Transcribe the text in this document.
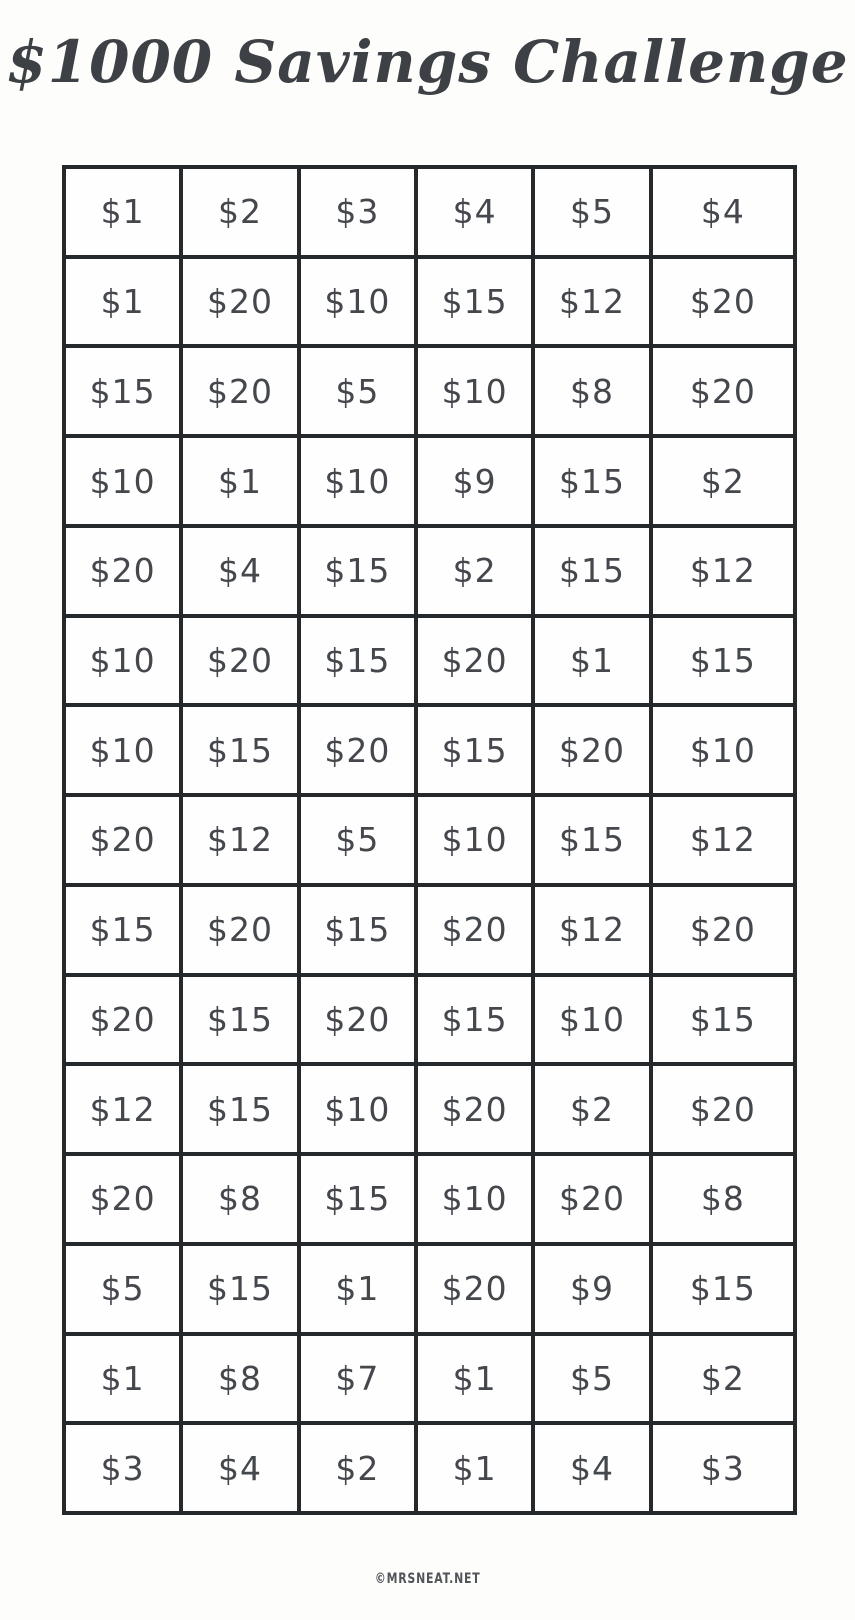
$1000 Savings Challenge
$1	$2	$3	$4	$5	$4
$1	$20	$10	$15	$12	$20
$15	$20	$5	$10	$8	$20
$10	$1	$10	$9	$15	$2
$20	$4	$15	$2	$15	$12
$10	$20	$15	$20	$1	$15
$10	$15	$20	$15	$20	$10
$20	$12	$5	$10	$15	$12
$15	$20	$15	$20	$12	$20
$20	$15	$20	$15	$10	$15
$12	$15	$10	$20	$2	$20
$20	$8	$15	$10	$20	$8
$5	$15	$1	$20	$9	$15
$1	$8	$7	$1	$5	$2
$3	$4	$2	$1	$4	$3
©MRSNEAT.NET
